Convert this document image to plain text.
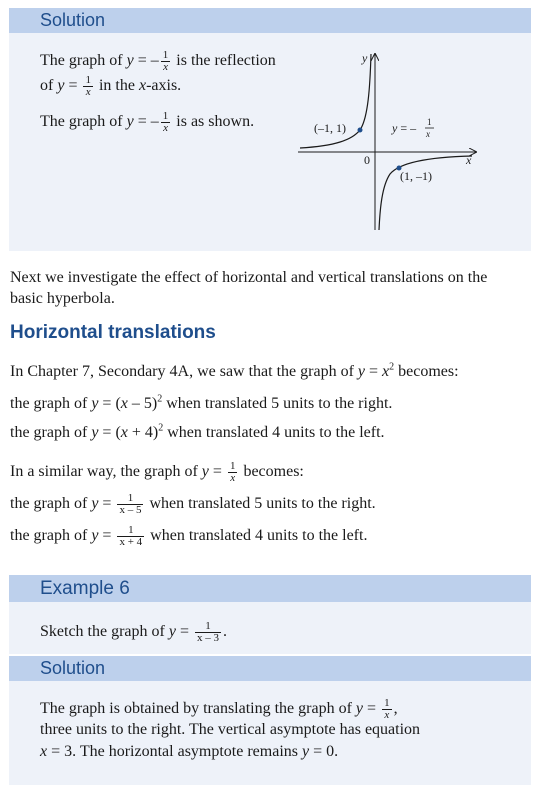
Solution
The graph of y = – $\frac{1}{x}$ is the reflection
of $y = \frac{1}{x}$ in the x-axis.
The graph of y = – $\frac{1}{x}$ is as shown.
y
x
0
(–1, 1)
(1, –1)
y = – 1
x
Next we investigate the effect of horizontal and vertical translations on the
basic hyperbola.
Horizontal translations
In Chapter 7, Secondary 4A, we saw that the graph of $y = x^2$ becomes:
the graph of y = (x – 5)$^2$ when translated 5 units to the right.
the graph of $y = (x + 4)^2$ when translated 4 units to the left.
In a similar way, the graph of $y = \frac{1}{x}$ becomes:
the graph of $y = \frac{1}{x - 5}$ when translated 5 units to the right.
the graph of $y = \frac{1}{x + 4}$ when translated 4 units to the left.
Example 6
Sketch the graph of $y = \frac{1}{x - 3}$ .
Solution
The graph is obtained by translating the graph of $y = \frac{1}{x}$ ,
three units to the right. The vertical asymptote has equation
x = 3. The horizontal asymptote remains y = 0.
